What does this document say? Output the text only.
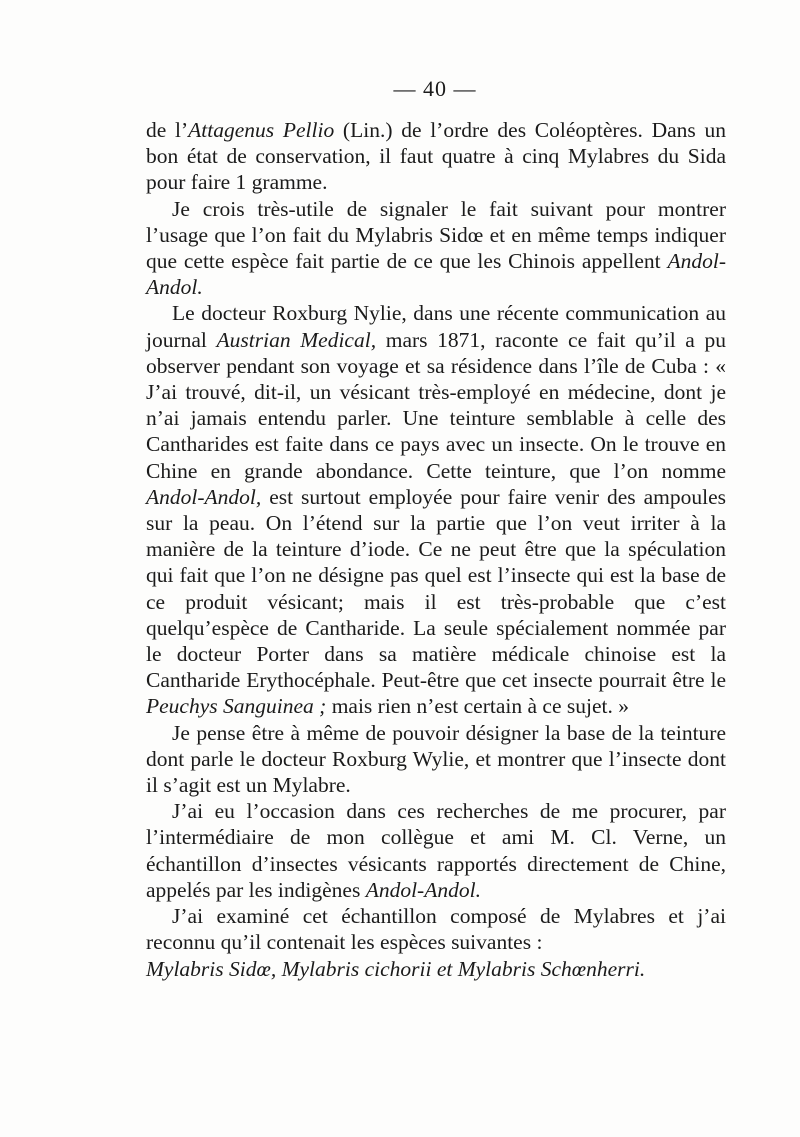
— 40 —

de l’Attagenus Pellio (Lin.) de l’ordre des Coléoptères. Dans un bon état de conservation, il faut quatre à cinq Mylabres du Sida pour faire 1 gramme.

Je crois très-utile de signaler le fait suivant pour montrer l’usage que l’on fait du Mylabris Sidœ et en même temps indiquer que cette espèce fait partie de ce que les Chinois appellent Andol-Andol.

Le docteur Roxburg Nylie, dans une récente communication au journal Austrian Medical, mars 1871, raconte ce fait qu’il a pu observer pendant son voyage et sa résidence dans l’île de Cuba : « J’ai trouvé, dit-il, un vésicant très-employé en médecine, dont je n’ai jamais entendu parler. Une teinture semblable à celle des Cantharides est faite dans ce pays avec un insecte. On le trouve en Chine en grande abondance. Cette teinture, que l’on nomme Andol-Andol, est surtout employée pour faire venir des ampoules sur la peau. On l’étend sur la partie que l’on veut irriter à la manière de la teinture d’iode. Ce ne peut être que la spéculation qui fait que l’on ne désigne pas quel est l’insecte qui est la base de ce produit vésicant; mais il est très-probable que c’est quelqu’espèce de Cantharide. La seule spécialement nommée par le docteur Porter dans sa matière médicale chinoise est la Cantharide Erythocéphale. Peut-être que cet insecte pourrait être le Peuchys Sanguinea ; mais rien n’est certain à ce sujet. »

Je pense être à même de pouvoir désigner la base de la teinture dont parle le docteur Roxburg Wylie, et montrer que l’insecte dont il s’agit est un Mylabre.

J’ai eu l’occasion dans ces recherches de me procurer, par l’intermédiaire de mon collègue et ami M. Cl. Verne, un échantillon d’insectes vésicants rapportés directement de Chine, appelés par les indigènes Andol-Andol.

J’ai examiné cet échantillon composé de Mylabres et j’ai reconnu qu’il contenait les espèces suivantes :

Mylabris Sidœ, Mylabris cichorii et Mylabris Schœnherri.
